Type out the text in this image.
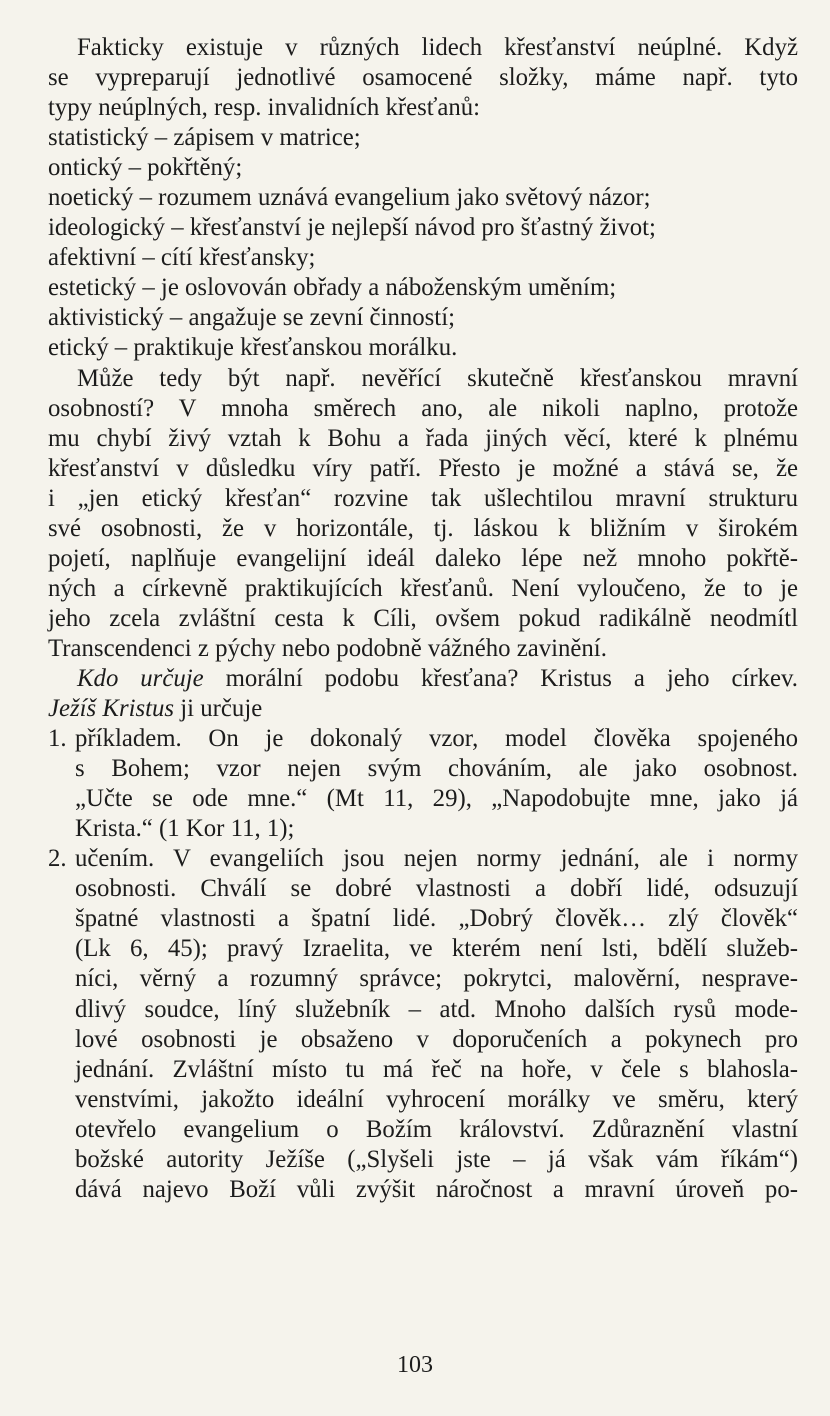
Fakticky existuje v různých lidech křesťanství neúplné. Když
se vypreparují jednotlivé osamocené složky, máme např. tyto
typy neúplných, resp. invalidních křesťanů:
statistický – zápisem v matrice;
ontický – pokřtěný;
noetický – rozumem uznává evangelium jako světový názor;
ideologický – křesťanství je nejlepší návod pro šťastný život;
afektivní – cítí křesťansky;
estetický – je oslovován obřady a náboženským uměním;
aktivistický – angažuje se zevní činností;
etický – praktikuje křesťanskou morálku.
Může tedy být např. nevěřící skutečně křesťanskou mravní
osobností? V mnoha směrech ano, ale nikoli naplno, protože
mu chybí živý vztah k Bohu a řada jiných věcí, které k plnému
křesťanství v důsledku víry patří. Přesto je možné a stává se, že
i „jen etický křesťan“ rozvine tak ušlechtilou mravní strukturu
své osobnosti, že v horizontále, tj. láskou k bližním v širokém
pojetí, naplňuje evangelijní ideál daleko lépe než mnoho pokřtě-
ných a církevně praktikujících křesťanů. Není vyloučeno, že to je
jeho zcela zvláštní cesta k Cíli, ovšem pokud radikálně neodmítl
Transcendenci z pýchy nebo podobně vážného zavinění.
Kdo určuje morální podobu křesťana? Kristus a jeho církev.
Ježíš Kristus ji určuje
1. příkladem. On je dokonalý vzor, model člověka spojeného
s Bohem; vzor nejen svým chováním, ale jako osobnost.
„Učte se ode mne.“ (Mt 11, 29), „Napodobujte mne, jako já
Krista.“ (1 Kor 11, 1);
2. učením. V evangeliích jsou nejen normy jednání, ale i normy
osobnosti. Chválí se dobré vlastnosti a dobří lidé, odsuzují
špatné vlastnosti a špatní lidé. „Dobrý člověk… zlý člověk“
(Lk 6, 45); pravý Izraelita, ve kterém není lsti, bdělí služeb-
níci, věrný a rozumný správce; pokrytci, malověrní, nesprave-
dlivý soudce, líný služebník – atd. Mnoho dalších rysů mode-
lové osobnosti je obsaženo v doporučeních a pokynech pro
jednání. Zvláštní místo tu má řeč na hoře, v čele s blahosla-
venstvími, jakožto ideální vyhrocení morálky ve směru, který
otevřelo evangelium o Božím království. Zdůraznění vlastní
božské autority Ježíše („Slyšeli jste – já však vám říkám“)
dává najevo Boží vůli zvýšit náročnost a mravní úroveň po-
103
